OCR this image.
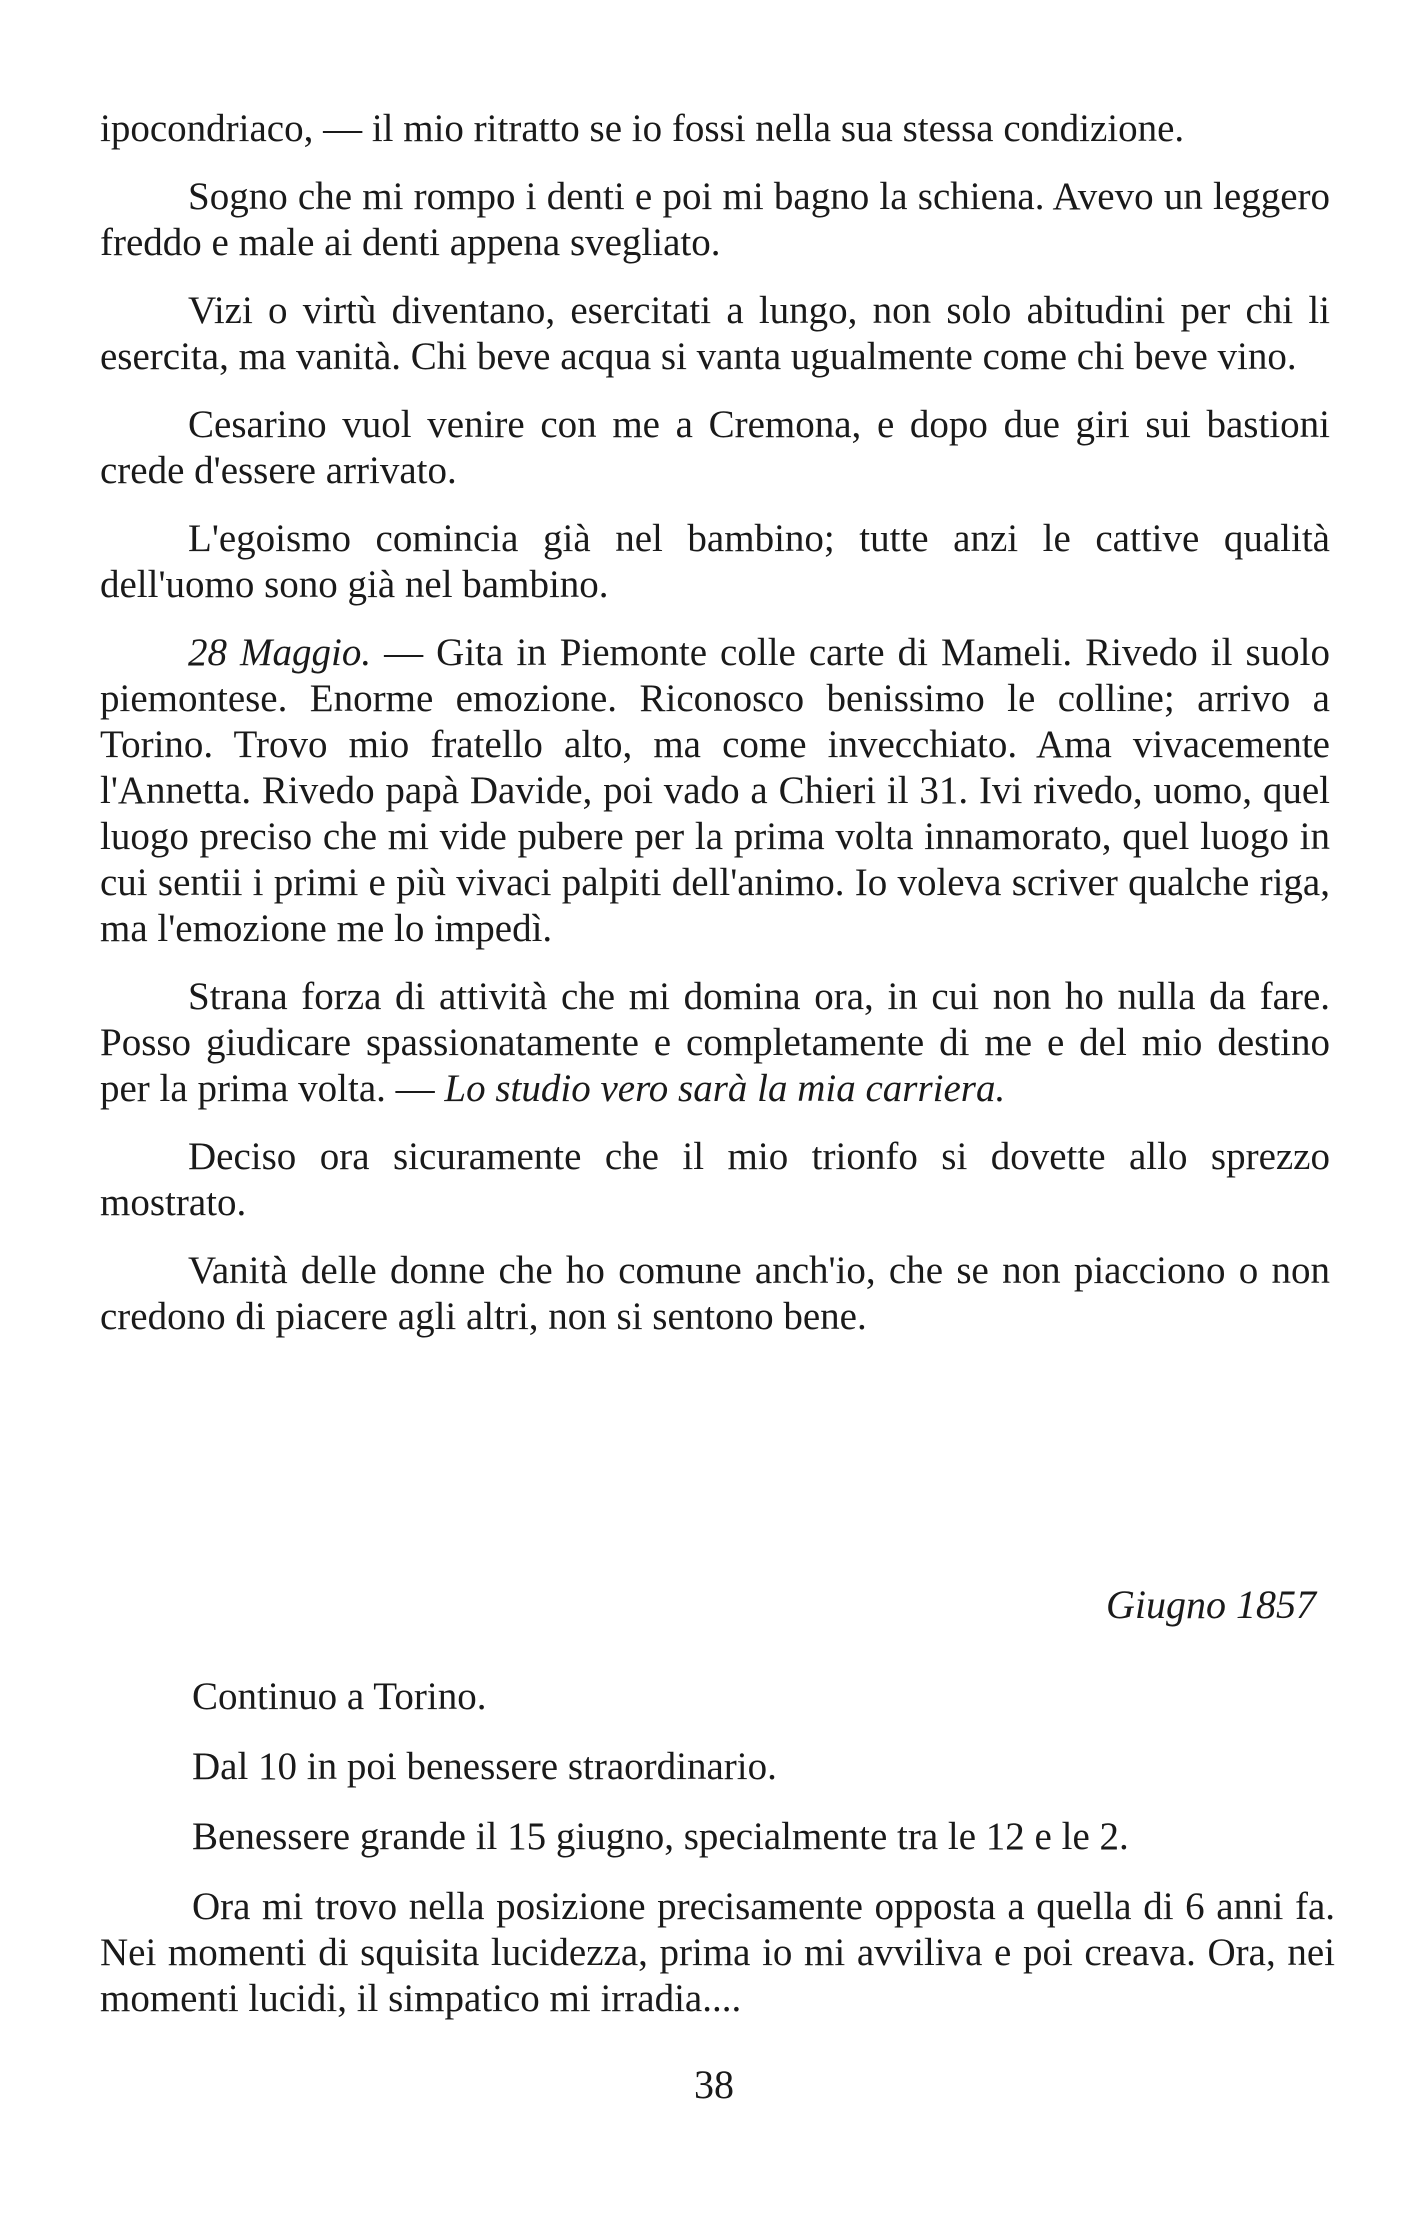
ipocondriaco, — il mio ritratto se io fossi nella sua stessa condizione.

Sogno che mi rompo i denti e poi mi bagno la schiena. Avevo un leggero freddo e male ai denti appena svegliato.

Vizi o virtù diventano, esercitati a lungo, non solo abitudini per chi li esercita, ma vanità. Chi beve acqua si vanta ugualmente come chi beve vino.

Cesarino vuol venire con me a Cremona, e dopo due giri sui bastioni crede d'essere arrivato.

L'egoismo comincia già nel bambino; tutte anzi le cattive qualità dell'uomo sono già nel bambino.

28 Maggio. — Gita in Piemonte colle carte di Mameli. Rivedo il suolo piemontese. Enorme emozione. Riconosco benissimo le colline; arrivo a Torino. Trovo mio fratello alto, ma come invecchiato. Ama vivacemente l'Annetta. Rivedo papà Davide, poi vado a Chieri il 31. Ivi rivedo, uomo, quel luogo preciso che mi vide pubere per la prima volta innamorato, quel luogo in cui sentii i primi e più vivaci palpiti dell'animo. Io voleva scriver qualche riga, ma l'emozione me lo impedì.

Strana forza di attività che mi domina ora, in cui non ho nulla da fare. Posso giudicare spassionatamente e completamente di me e del mio destino per la prima volta. — Lo studio vero sarà la mia carriera.

Deciso ora sicuramente che il mio trionfo si dovette allo sprezzo mostrato.

Vanità delle donne che ho comune anch'io, che se non piacciono o non credono di piacere agli altri, non si sentono bene.

Giugno 1857

Continuo a Torino.

Dal 10 in poi benessere straordinario.

Benessere grande il 15 giugno, specialmente tra le 12 e le 2.

Ora mi trovo nella posizione precisamente opposta a quella di 6 anni fa. Nei momenti di squisita lucidezza, prima io mi avviliva e poi creava. Ora, nei momenti lucidi, il simpatico mi irradia....

38
